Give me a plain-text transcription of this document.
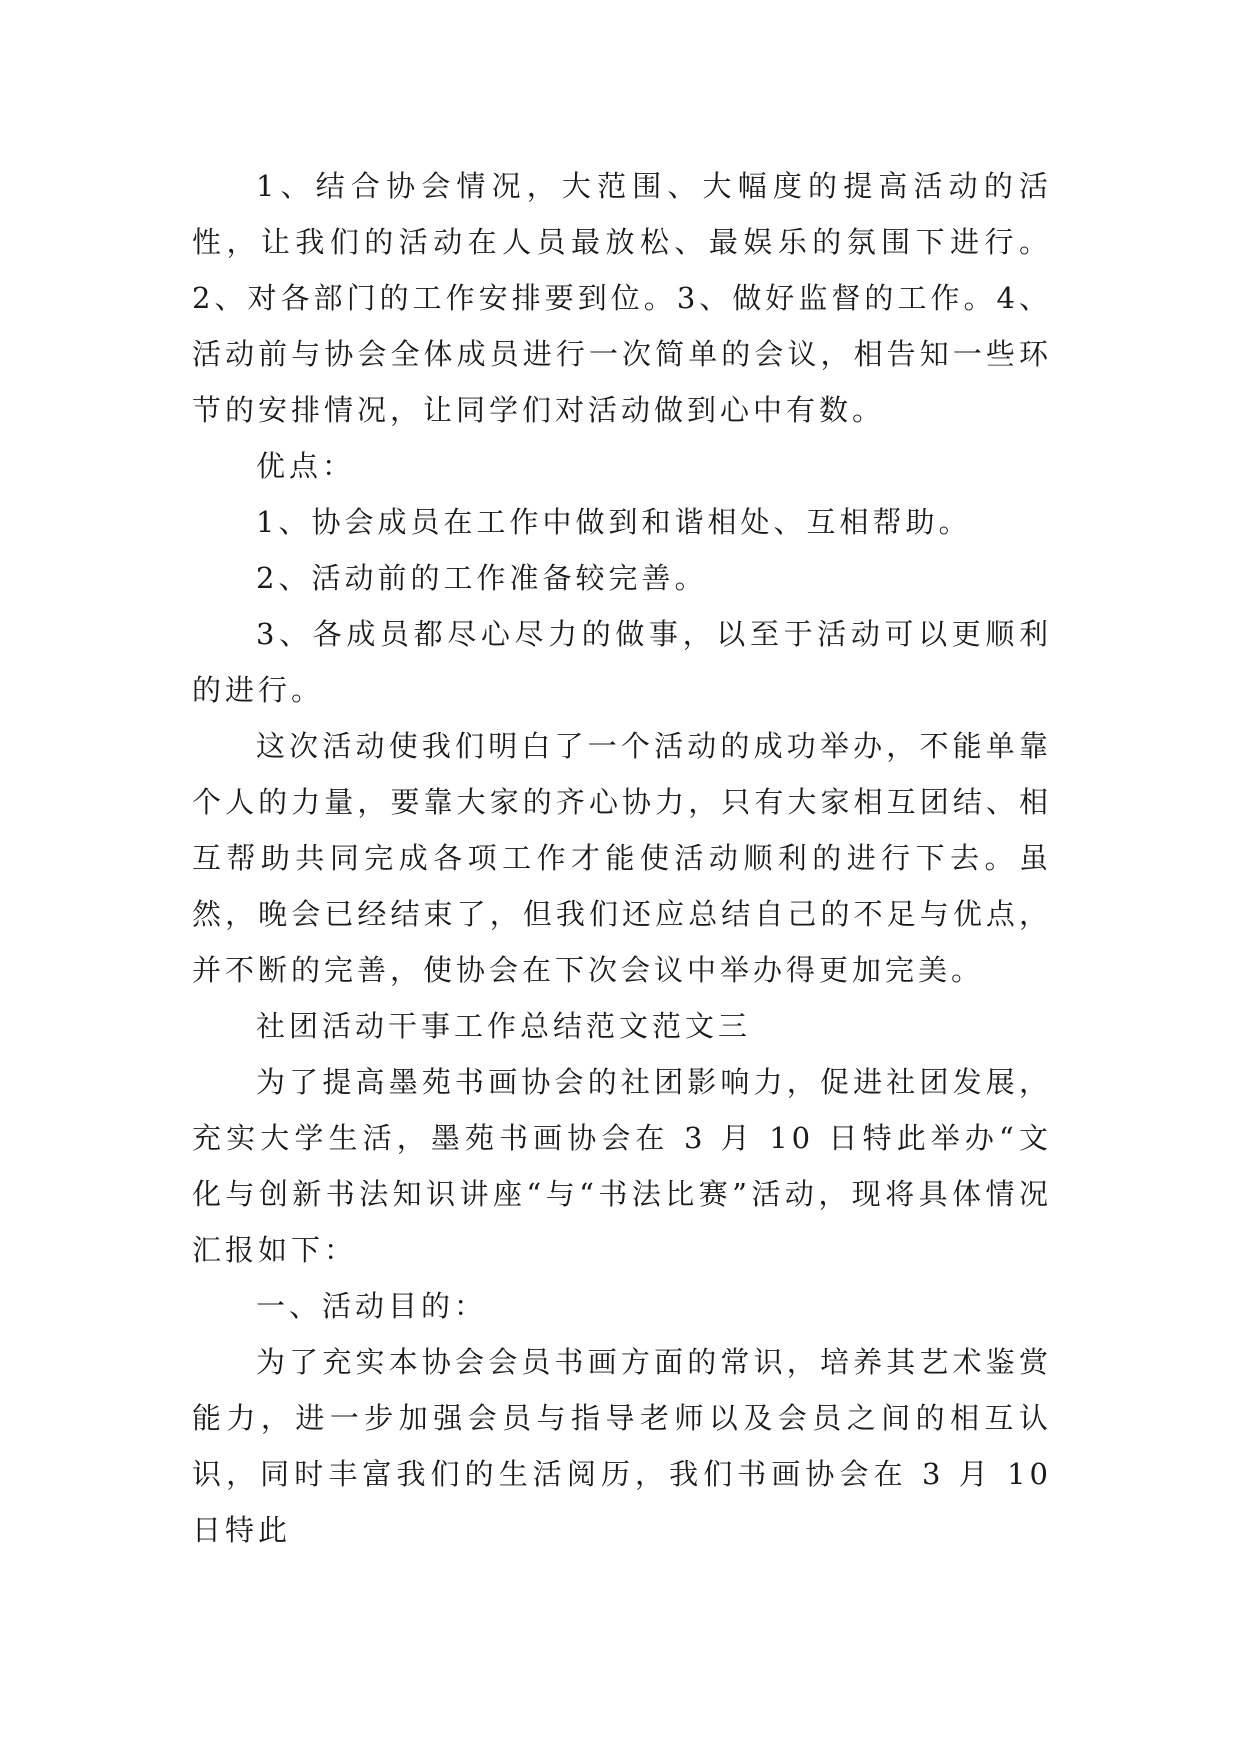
1、结合协会情况，大范围、大幅度的提高活动的活性，让我们的活动在人员最放松、最娱乐的氛围下进行。 2、对各部门的工作安排要到位。3、做好监督的工作。4、活动前与协会全体成员进行一次简单的会议，相告知一些环节的安排情况，让同学们对活动做到心中有数。

优点：

1、协会成员在工作中做到和谐相处、互相帮助。

2、活动前的工作准备较完善。

3、各成员都尽心尽力的做事，以至于活动可以更顺利的进行。

这次活动使我们明白了一个活动的成功举办，不能单靠个人的力量，要靠大家的齐心协力，只有大家相互团结、相互帮助共同完成各项工作才能使活动顺利的进行下去。虽然，晚会已经结束了，但我们还应总结自己的不足与优点，并不断的完善，使协会在下次会议中举办得更加完美。

社团活动干事工作总结范文范文三

为了提高墨苑书画协会的社团影响力，促进社团发展，充实大学生活，墨苑书画协会在 3 月 10 日特此举办“文化与创新书法知识讲座“与“书法比赛”活动，现将具体情况汇报如下：

一、活动目的：

为了充实本协会会员书画方面的常识，培养其艺术鉴赏能力，进一步加强会员与指导老师以及会员之间的相互认识，同时丰富我们的生活阅历，我们书画协会在 3 月 10 日特此
